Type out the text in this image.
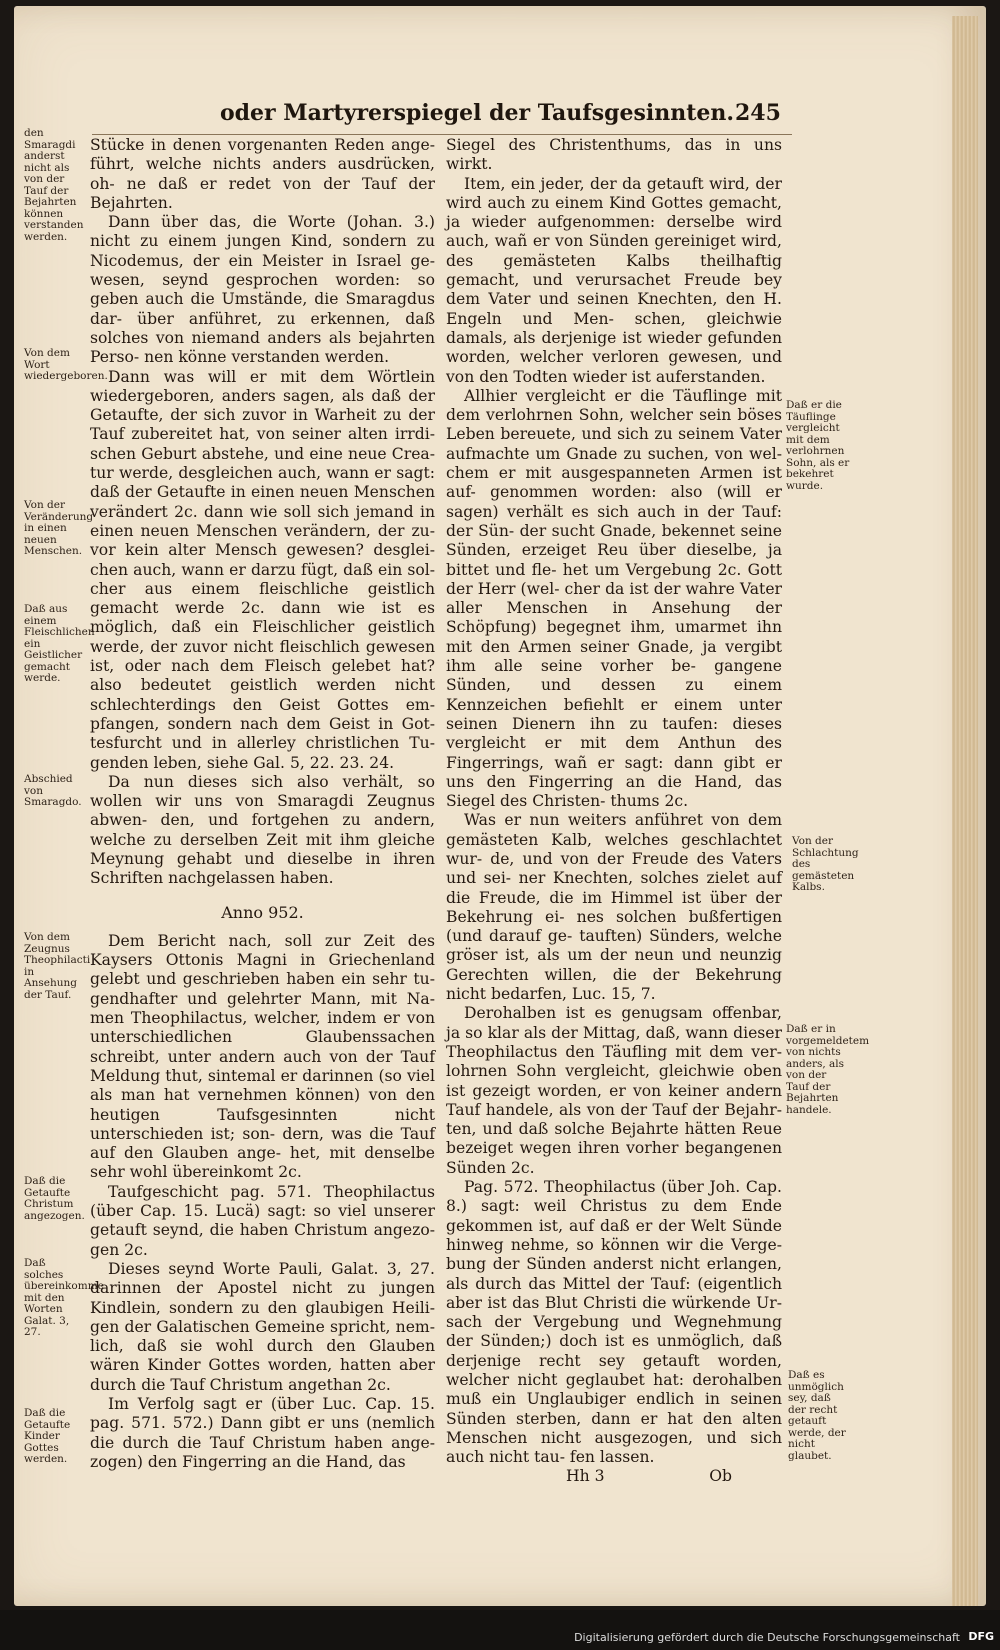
oder Martyrerspiegel der Taufsgesinnten. 245

Stücke in denen vorgenanten Reden ange- führt, welche nichts anders ausdrücken, oh- ne daß er redet von der Tauf der Bejahrten.

Dann über das, die Worte (Johan. 3.) nicht zu einem jungen Kind, sondern zu Nicodemus, der ein Meister in Israel ge- wesen, seynd gesprochen worden: so geben auch die Umstände, die Smaragdus dar- über anführet, zu erkennen, daß solches von niemand anders als bejahrten Perso- nen könne verstanden werden.

Dann was will er mit dem Wörtlein wiedergeboren, anders sagen, als daß der Getaufte, der sich zuvor in Warheit zu der Tauf zubereitet hat, von seiner alten irrdi- schen Geburt abstehe, und eine neue Crea- tur werde, desgleichen auch, wann er sagt: daß der Getaufte in einen neuen Menschen verändert 2c. dann wie soll sich jemand in einen neuen Menschen verändern, der zu- vor kein alter Mensch gewesen? desglei- chen auch, wann er darzu fügt, daß ein sol- cher aus einem fleischliche geistlich gemacht werde 2c. dann wie ist es möglich, daß ein Fleischlicher geistlich werde, der zuvor nicht fleischlich gewesen ist, oder nach dem Fleisch gelebet hat? also bedeutet geistlich werden nicht schlechterdings den Geist Gottes em- pfangen, sondern nach dem Geist in Got- tesfurcht und in allerley christlichen Tu- genden leben, siehe Gal. 5, 22. 23. 24.

Da nun dieses sich also verhält, so wollen wir uns von Smaragdi Zeugnus abwen- den, und fortgehen zu andern, welche zu derselben Zeit mit ihm gleiche Meynung gehabt und dieselbe in ihren Schriften nachgelassen haben.

Anno 952.

Dem Bericht nach, soll zur Zeit des Kaysers Ottonis Magni in Griechenland gelebt und geschrieben haben ein sehr tu- gendhafter und gelehrter Mann, mit Na- men Theophilactus, welcher, indem er von unterschiedlichen Glaubenssachen schreibt, unter andern auch von der Tauf Meldung thut, sintemal er darinnen (so viel als man hat vernehmen können) von den heutigen Taufsgesinnten nicht unterschieden ist; son- dern, was die Tauf auf den Glauben ange- het, mit denselbe sehr wohl übereinkomt 2c.

Taufgeschicht pag. 571. Theophilactus (über Cap. 15. Lucä) sagt: so viel unserer getauft seynd, die haben Christum angezo- gen 2c.

Dieses seynd Worte Pauli, Galat. 3, 27. darinnen der Apostel nicht zu jungen Kindlein, sondern zu den glaubigen Heili- gen der Galatischen Gemeine spricht, nem- lich, daß sie wohl durch den Glauben wären Kinder Gottes worden, hatten aber durch die Tauf Christum angethan 2c.

Im Verfolg sagt er (über Luc. Cap. 15. pag. 571. 572.) Dann gibt er uns (nemlich die durch die Tauf Christum haben ange- zogen) den Fingerring an die Hand, das

Siegel des Christenthums, das in uns wirkt.

Item, ein jeder, der da getauft wird, der wird auch zu einem Kind Gottes gemacht, ja wieder aufgenommen: derselbe wird auch, wañ er von Sünden gereiniget wird, des gemästeten Kalbs theilhaftig gemacht, und verursachet Freude bey dem Vater und seinen Knechten, den H. Engeln und Men- schen, gleichwie damals, als derjenige ist wieder gefunden worden, welcher verloren gewesen, und von den Todten wieder ist auferstanden.

Allhier vergleicht er die Täuflinge mit dem verlohrnen Sohn, welcher sein böses Leben bereuete, und sich zu seinem Vater aufmachte um Gnade zu suchen, von wel- chem er mit ausgespanneten Armen ist auf- genommen worden: also (will er sagen) verhält es sich auch in der Tauf: der Sün- der sucht Gnade, bekennet seine Sünden, erzeiget Reu über dieselbe, ja bittet und fle- het um Vergebung 2c. Gott der Herr (wel- cher da ist der wahre Vater aller Menschen in Ansehung der Schöpfung) begegnet ihm, umarmet ihn mit den Armen seiner Gnade, ja vergibt ihm alle seine vorher be- gangene Sünden, und dessen zu einem Kennzeichen befiehlt er einem unter seinen Dienern ihn zu taufen: dieses vergleicht er mit dem Anthun des Fingerrings, wañ er sagt: dann gibt er uns den Fingerring an die Hand, das Siegel des Christen- thums 2c.

Was er nun weiters anführet von dem gemästeten Kalb, welches geschlachtet wur- de, und von der Freude des Vaters und sei- ner Knechten, solches zielet auf die Freude, die im Himmel ist über der Bekehrung ei- nes solchen bußfertigen (und darauf ge- tauften) Sünders, welche gröser ist, als um der neun und neunzig Gerechten willen, die der Bekehrung nicht bedarfen, Luc. 15, 7.

Derohalben ist es genugsam offenbar, ja so klar als der Mittag, daß, wann dieser Theophilactus den Täufling mit dem ver- lohrnen Sohn vergleicht, gleichwie oben ist gezeigt worden, er von keiner andern Tauf handele, als von der Tauf der Bejahr- ten, und daß solche Bejahrte hätten Reue bezeiget wegen ihren vorher begangenen Sünden 2c.

Pag. 572. Theophilactus (über Joh. Cap. 8.) sagt: weil Christus zu dem Ende gekommen ist, auf daß er der Welt Sünde hinweg nehme, so können wir die Verge- bung der Sünden anderst nicht erlangen, als durch das Mittel der Tauf: (eigentlich aber ist das Blut Christi die würkende Ur- sach der Vergebung und Wegnehmung der Sünden;) doch ist es unmöglich, daß derjenige recht sey getauft worden, welcher nicht geglaubet hat: derohalben muß ein Unglaubiger endlich in seinen Sünden sterben, dann er hat den alten Menschen nicht ausgezogen, und sich auch nicht tau- fen lassen.

Hh 3	Ob
den Smaragdi anderst nicht als von der Tauf der Bejahrten können verstanden werden.
Von dem Wort wiedergeboren.
Von der Veränderung in einen neuen Menschen.
Daß aus einem Fleischlichen ein Geistlicher gemacht werde.
Abschied von Smaragdo.
Von dem Zeugnus Theophilacti in Ansehung der Tauf.
Daß die Getaufte Christum angezogen.
Daß solches übereinkomme mit den Worten Galat. 3, 27.
Daß die Getaufte Kinder Gottes werden.
Daß er die Täuflinge vergleicht mit dem verlohrnen Sohn, als er bekehret wurde.
Von der Schlachtung des gemästeten Kalbs.
Daß er in vorgemeldetem von nichts anders, als von der Tauf der Bejahrten handele.
Daß es unmöglich sey, daß der recht getauft werde, der nicht glaubet.
Digitalisierung gefördert durch die Deutsche Forschungsgemeinschaft DFG
